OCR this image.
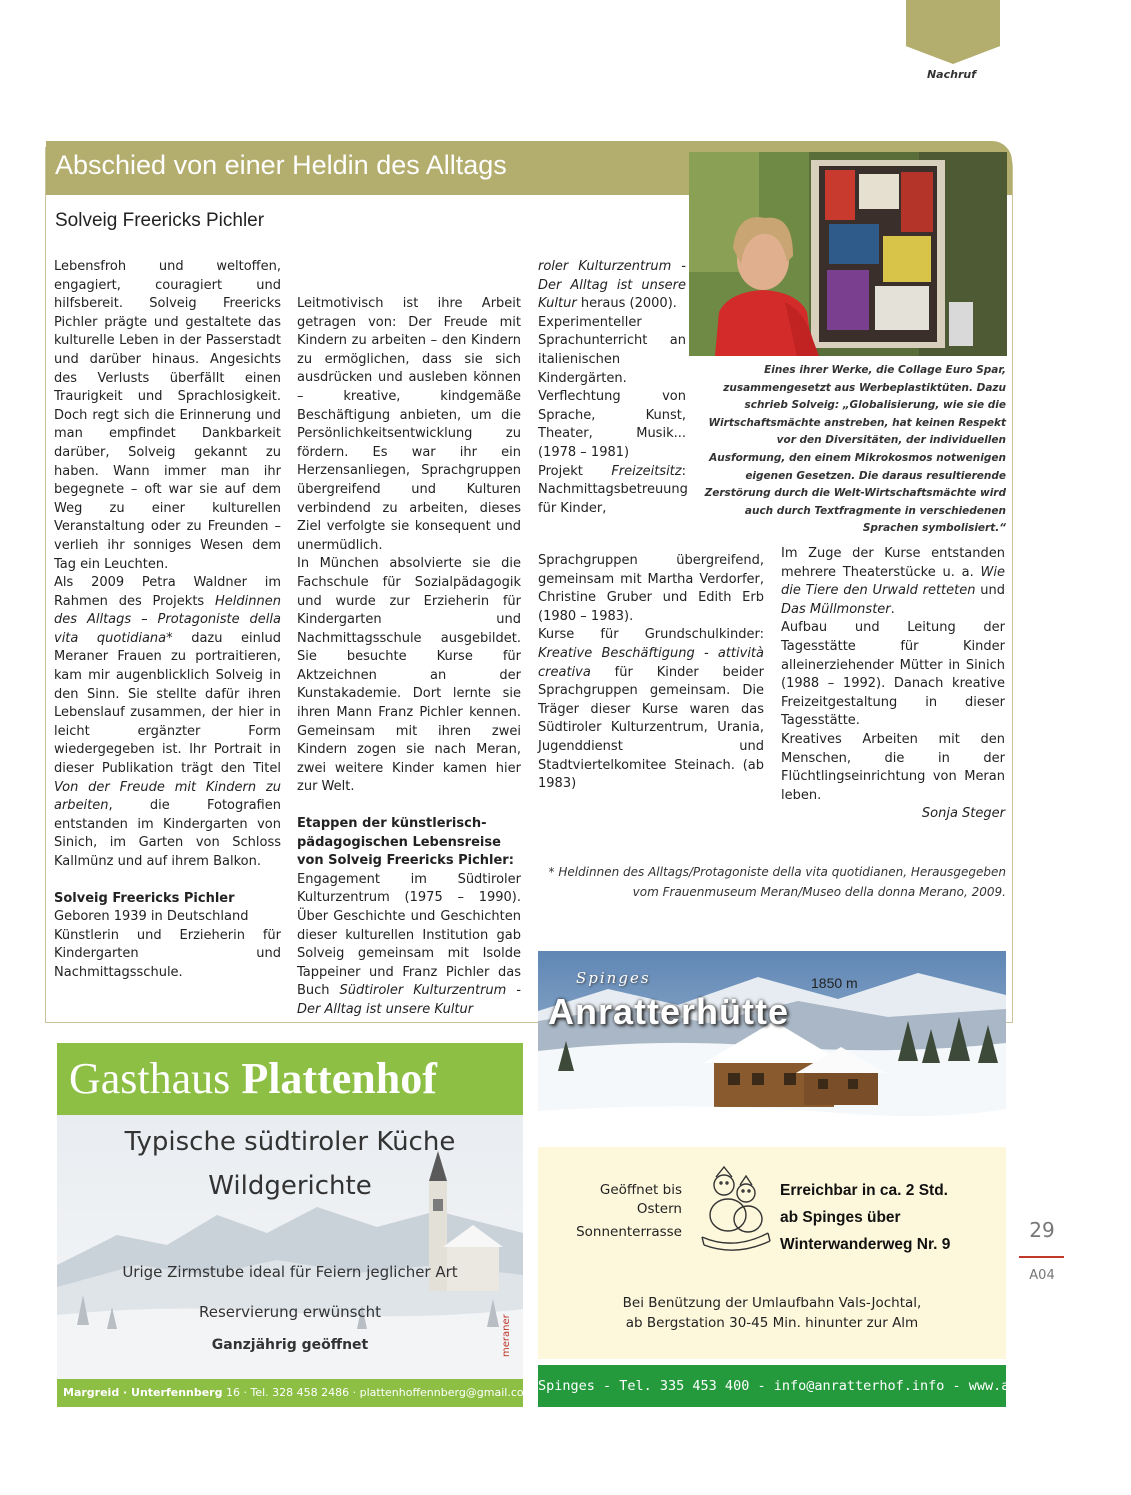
Nachruf
Abschied von einer Heldin des Alltags
Solveig Freericks Pichler
Eines ihrer Werke, die Collage Euro Spar, zusammengesetzt aus Werbeplastiktüten. Dazu schrieb Solveig: „Globalisierung, wie sie die Wirtschaftsmächte anstreben, hat keinen Respekt vor den Diversitäten, der individuellen Ausformung, den einem Mikrokosmos notwenigen eigenen Gesetzen. Die daraus resultierende Zerstörung durch die Welt-Wirtschaftsmächte wird auch durch Textfragmente in verschiedenen Sprachen symbolisiert.“

Lebensfroh und weltoffen, engagiert, couragiert und hilfsbereit. Solveig Freericks Pichler prägte und gestaltete das kulturelle Leben in der Passerstadt und darüber hinaus. Angesichts des Verlusts überfällt einen Traurigkeit und Sprachlosigkeit. Doch regt sich die Erinnerung und man empfindet Dankbarkeit darüber, Solveig gekannt zu haben. Wann immer man ihr begegnete – oft war sie auf dem Weg zu einer kulturellen Veranstaltung oder zu Freunden – verlieh ihr sonniges Wesen dem Tag ein Leuchten.

Als 2009 Petra Waldner im Rahmen des Projekts Heldinnen des Alltags – Protagoniste della vita quotidiana* dazu einlud Meraner Frauen zu portraitieren, kam mir augenblicklich Solveig in den Sinn. Sie stellte dafür ihren Lebenslauf zusammen, der hier in leicht ergänzter Form wiedergegeben ist. Ihr Portrait in dieser Publikation trägt den Titel Von der Freude mit Kindern zu arbeiten, die Fotografien entstanden im Kindergarten von Sinich, im Garten von Schloss Kallmünz und auf ihrem Balkon.

Solveig Freericks Pichler

Geboren 1939 in Deutschland

Künstlerin und Erzieherin für Kindergarten und Nachmittagsschule.

Leitmotivisch ist ihre Arbeit getragen von: Der Freude mit Kindern zu arbeiten – den Kindern zu ermöglichen, dass sie sich ausdrücken und ausleben können – kreative, kindgemäße Beschäftigung anbieten, um die Persönlichkeitsentwicklung zu fördern. Es war ihr ein Herzensanliegen, Sprachgruppen übergreifend und Kulturen verbindend zu arbeiten, dieses Ziel verfolgte sie konsequent und unermüdlich.

In München absolvierte sie die Fachschule für Sozialpädagogik und wurde zur Erzieherin für Kindergarten und Nachmittagsschule ausgebildet. Sie besuchte Kurse für Aktzeichnen an der Kunstakademie. Dort lernte sie ihren Mann Franz Pichler kennen. Gemeinsam mit ihren zwei Kindern zogen sie nach Meran, zwei weitere Kinder kamen hier zur Welt.

Etappen der künstlerisch-pädagogischen Lebensreise von Solveig Freericks Pichler:

Engagement im Südtiroler Kulturzentrum (1975 – 1990). Über Geschichte und Geschichten dieser kulturellen Institution gab Solveig gemeinsam mit Isolde Tappeiner und Franz Pichler das Buch Südtiroler Kulturzentrum - Der Alltag ist unsere Kultur

roler Kulturzentrum - Der Alltag ist unsere Kultur heraus (2000).

Experimenteller Sprachunterricht an italienischen Kindergärten. Verflechtung von Sprache, Kunst, Theater, Musik... (1978 – 1981)

Projekt Freizeitsitz: Nachmittagsbetreuung für Kinder,

Sprachgruppen übergreifend, gemeinsam mit Martha Verdorfer, Christine Gruber und Edith Erb (1980 – 1983).

Kurse für Grundschulkinder: Kreative Beschäftigung - attività creativa für Kinder beider Sprachgruppen gemeinsam. Die Träger dieser Kurse waren das Südtiroler Kulturzentrum, Urania, Jugenddienst und Stadtviertelkomitee Steinach. (ab 1983)

Im Zuge der Kurse entstanden mehrere Theaterstücke u. a. Wie die Tiere den Urwald retteten und Das Müllmonster.

Aufbau und Leitung der Tagesstätte für Kinder alleinerziehender Mütter in Sinich (1988 – 1992). Danach kreative Freizeitgestaltung in dieser Tagesstätte.

Kreatives Arbeiten mit den Menschen, die in der Flüchtlingseinrichtung von Meran leben.

Sonja Steger

* Heldinnen des Alltags/Protagoniste della vita quotidianen, Herausgegeben vom Frauenmuseum Meran/Museo della donna Merano, 2009.
Gasthaus Plattenhof
Typische südtiroler Küche
Wildgerichte
Urige Zirmstube ideal für Feiern jeglicher Art
Reservierung erwünscht
Ganzjährig geöffnet	meraner
Margreid · Unterfennberg 16 · Tel. 328 458 2486 · plattenhoffennberg@gmail.com
Spinges
Anratterhütte
1850 m
Geöffnet bis
Ostern
Sonnenterrasse
Erreichbar in ca. 2 Std.
ab Spinges über
Winterwanderweg Nr. 9
Bei Benützung der Umlaufbahn Vals-Jochtal,
ab Bergstation 30-45 Min. hinunter zur Alm
Spinges - Tel. 335 453 400 - info@anratterhof.info - www.anratterhof.info
29
A04
